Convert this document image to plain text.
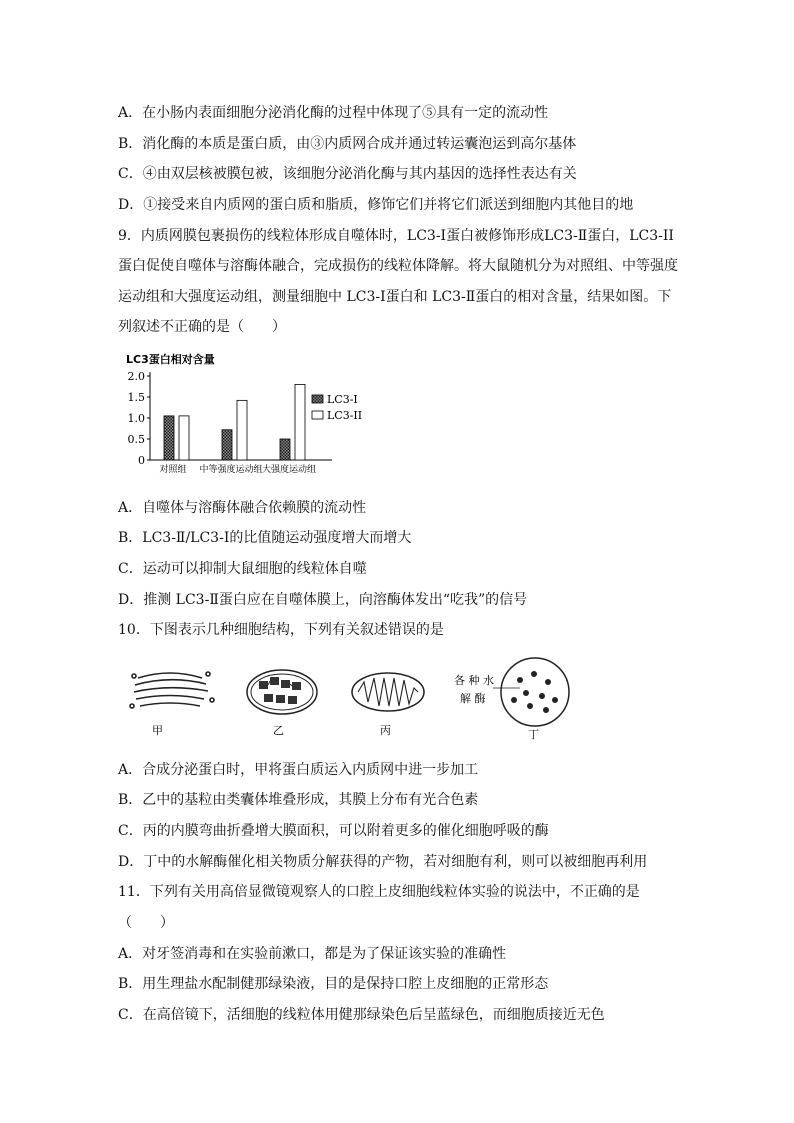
A．在小肠内表面细胞分泌消化酶的过程中体现了⑤具有一定的流动性
B．消化酶的本质是蛋白质，由③内质网合成并通过转运囊泡运到高尔基体
C．④由双层核被膜包被，该细胞分泌消化酶与其内基因的选择性表达有关
D．①接受来自内质网的蛋白质和脂质，修饰它们并将它们派送到细胞内其他目的地
9．内质网膜包裹损伤的线粒体形成自噬体时，LC3-Ⅰ蛋白被修饰形成LC3-Ⅱ蛋白，LC3-II
蛋白促使自噬体与溶酶体融合，完成损伤的线粒体降解。将大鼠随机分为对照组、中等强度
运动组和大强度运动组，测量细胞中 LC3-Ⅰ蛋白和 LC3-Ⅱ蛋白的相对含量，结果如图。下
列叙述不正确的是（　　）
LC3蛋白相对含量
0
0.5
1.0
1.5
2.0
对照组 中等强度运动组 大强度运动组
LC3-I
LC3-II
A．自噬体与溶酶体融合依赖膜的流动性
B．LC3-Ⅱ/LC3-Ⅰ的比值随运动强度增大而增大
C．运动可以抑制大鼠细胞的线粒体自噬
D．推测 LC3-Ⅱ蛋白应在自噬体膜上，向溶酶体发出“吃我”的信号
10．下图表示几种细胞结构，下列有关叙述错误的是
甲	乙	丙
各 种 水
解 酶
丁
A．合成分泌蛋白时，甲将蛋白质运入内质网中进一步加工
B．乙中的基粒由类囊体堆叠形成，其膜上分布有光合色素
C．丙的内膜弯曲折叠增大膜面积，可以附着更多的催化细胞呼吸的酶
D．丁中的水解酶催化相关物质分解获得的产物，若对细胞有利，则可以被细胞再利用
11．下列有关用高倍显微镜观察人的口腔上皮细胞线粒体实验的说法中，不正确的是
（　　）
A．对牙签消毒和在实验前漱口，都是为了保证该实验的准确性
B．用生理盐水配制健那绿染液，目的是保持口腔上皮细胞的正常形态
C．在高倍镜下，活细胞的线粒体用健那绿染色后呈蓝绿色，而细胞质接近无色
